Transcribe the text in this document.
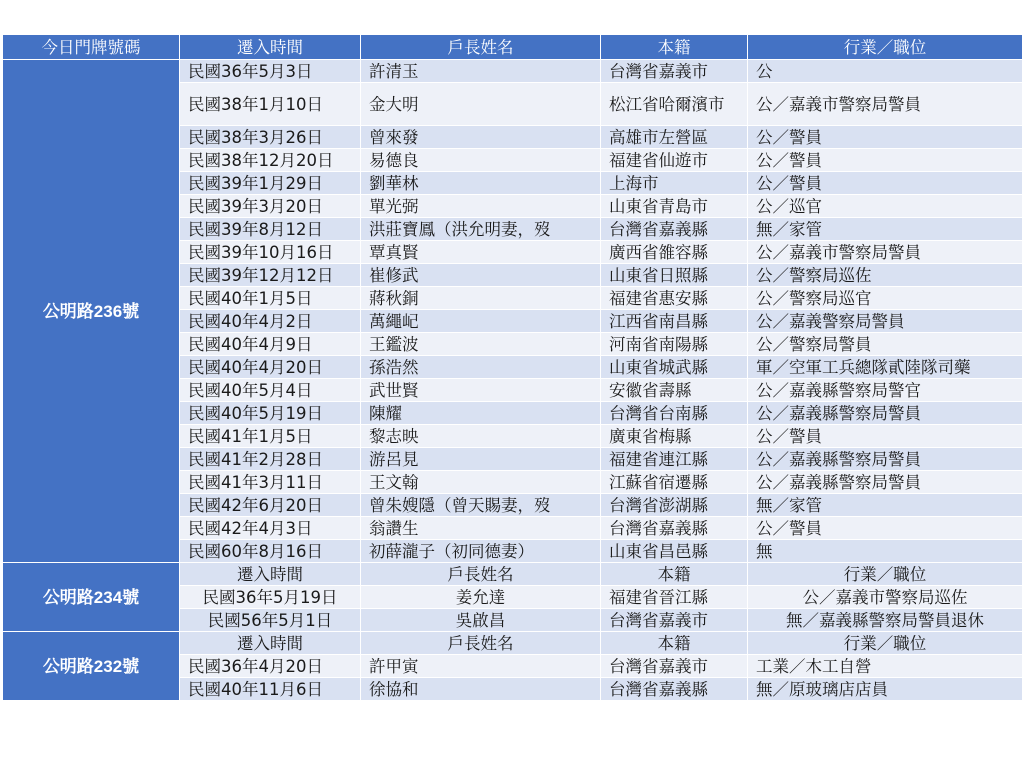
今日門牌號碼	遷入時間	戶長姓名	本籍	行業／職位
公明路236號	民國36年5月3日	許清玉	台灣省嘉義市	公
	民國38年1月10日	金大明	松江省哈爾濱市	公／嘉義市警察局警員
	民國38年3月26日	曾來發	高雄市左營區	公／警員
	民國38年12月20日	易德良	福建省仙遊市	公／警員
	民國39年1月29日	劉華林	上海市	公／警員
	民國39年3月20日	單光弼	山東省青島市	公／巡官
	民國39年8月12日	洪莊寶鳳（洪允明妻，歿	台灣省嘉義縣	無／家管
	民國39年10月16日	覃真賢	廣西省雒容縣	公／嘉義市警察局警員
	民國39年12月12日	崔修武	山東省日照縣	公／警察局巡佐
	民國40年1月5日	蔣秋銅	福建省惠安縣	公／警察局巡官
	民國40年4月2日	萬繩屺	江西省南昌縣	公／嘉義警察局警員
	民國40年4月9日	王鑑波	河南省南陽縣	公／警察局警員
	民國40年4月20日	孫浩然	山東省城武縣	軍／空軍工兵總隊貳陸隊司藥
	民國40年5月4日	武世賢	安徽省壽縣	公／嘉義縣警察局警官
	民國40年5月19日	陳耀	台灣省台南縣	公／嘉義縣警察局警員
	民國41年1月5日	黎志映	廣東省梅縣	公／警員
	民國41年2月28日	游呂見	福建省連江縣	公／嘉義縣警察局警員
	民國41年3月11日	王文翰	江蘇省宿遷縣	公／嘉義縣警察局警員
	民國42年6月20日	曾朱嫂隱（曾天賜妻，歿	台灣省澎湖縣	無／家管
	民國42年4月3日	翁讚生	台灣省嘉義縣	公／警員
	民國60年8月16日	初薛瀧子（初同德妻）	山東省昌邑縣	無
公明路234號	遷入時間	戶長姓名	本籍	行業／職位
	民國36年5月19日	姜允達	福建省晉江縣	公／嘉義市警察局巡佐
	民國56年5月1日	吳啟昌	台灣省嘉義市	無／嘉義縣警察局警員退休
公明路232號	遷入時間	戶長姓名	本籍	行業／職位
	民國36年4月20日	許甲寅	台灣省嘉義市	工業／木工自營
	民國40年11月6日	徐協和	台灣省嘉義縣	無／原玻璃店店員
